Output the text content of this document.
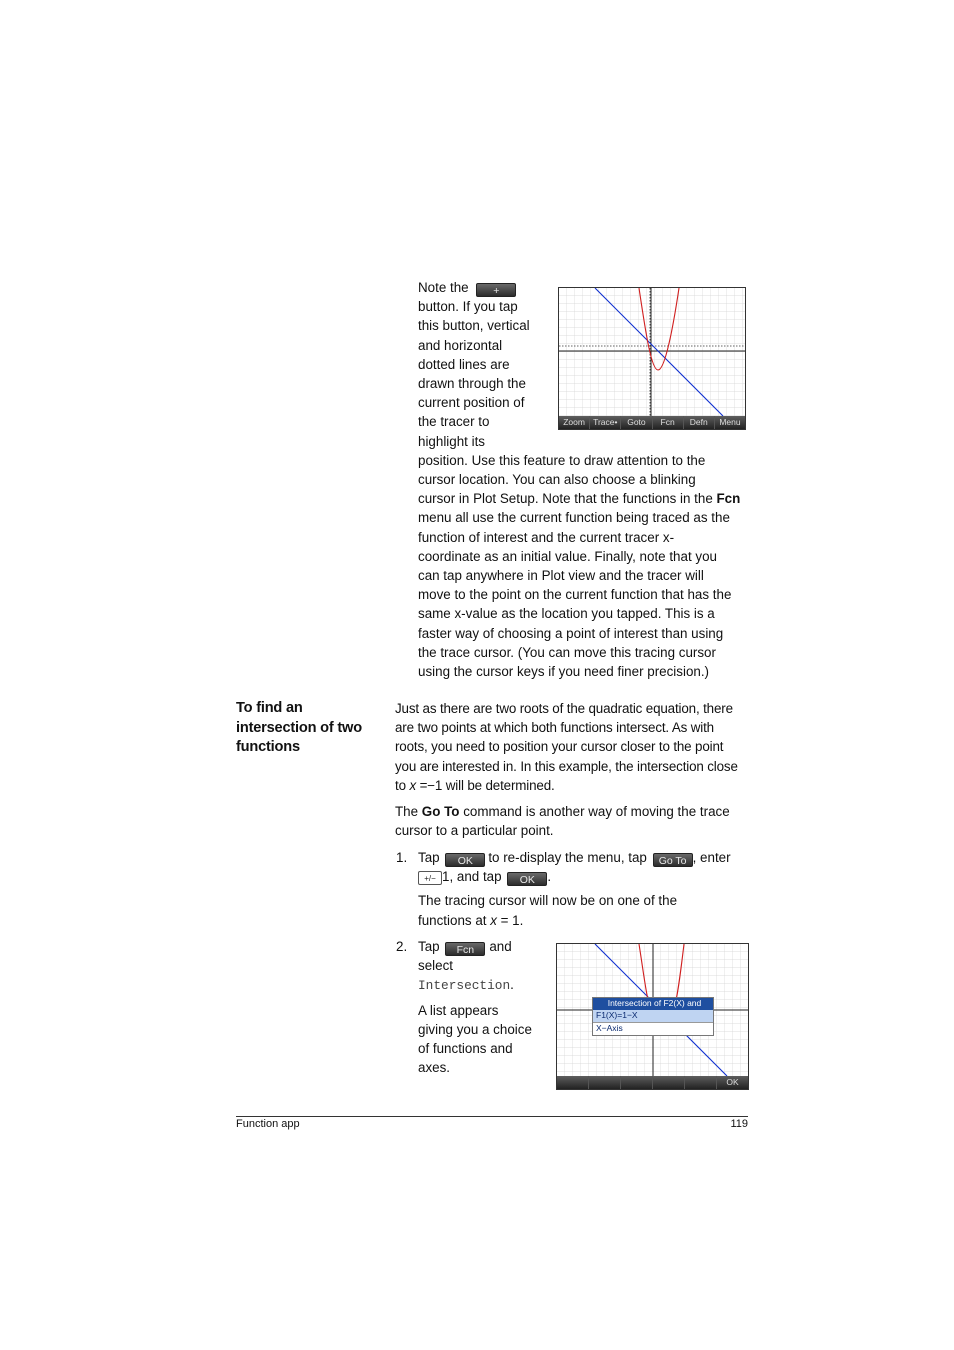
Note the +
button. If you tap
this button, vertical
and horizontal
dotted lines are
drawn through the
current position of
the tracer to
highlight its
position. Use this feature to draw attention to the
cursor location. You can also choose a blinking
cursor in Plot Setup. Note that the functions in the Fcn
menu all use the current function being traced as the
function of interest and the current tracer x-
coordinate as an initial value. Finally, note that you
can tap anywhere in Plot view and the tracer will
move to the point on the current function that has the
same x-value as the location you tapped. This is a
faster way of choosing a point of interest than using
the trace cursor. (You can move this tracing cursor
using the cursor keys if you need finer precision.)
Zoom Trace•	Goto	Fcn	Defn	Menu
To find an
intersection of two
functions
Just as there are two roots of the quadratic equation, there
are two points at which both functions intersect. As with
roots, you need to position your cursor closer to the point
you are interested in. In this example, the intersection close
to x =−1 will be determined.
The Go To command is another way of moving the trace
cursor to a particular point.
1. Tap OK to re-display the menu, tap Go To , enter
+/− 1, and tap OK .
The tracing cursor will now be on one of the
functions at x = 1.
2. Tap Fcn and
select
Intersection.
A list appears
giving you a choice
of functions and
axes.
Intersection of F2(X) and
F1(X)=1−X
X−Axis
OK
Function app	119
